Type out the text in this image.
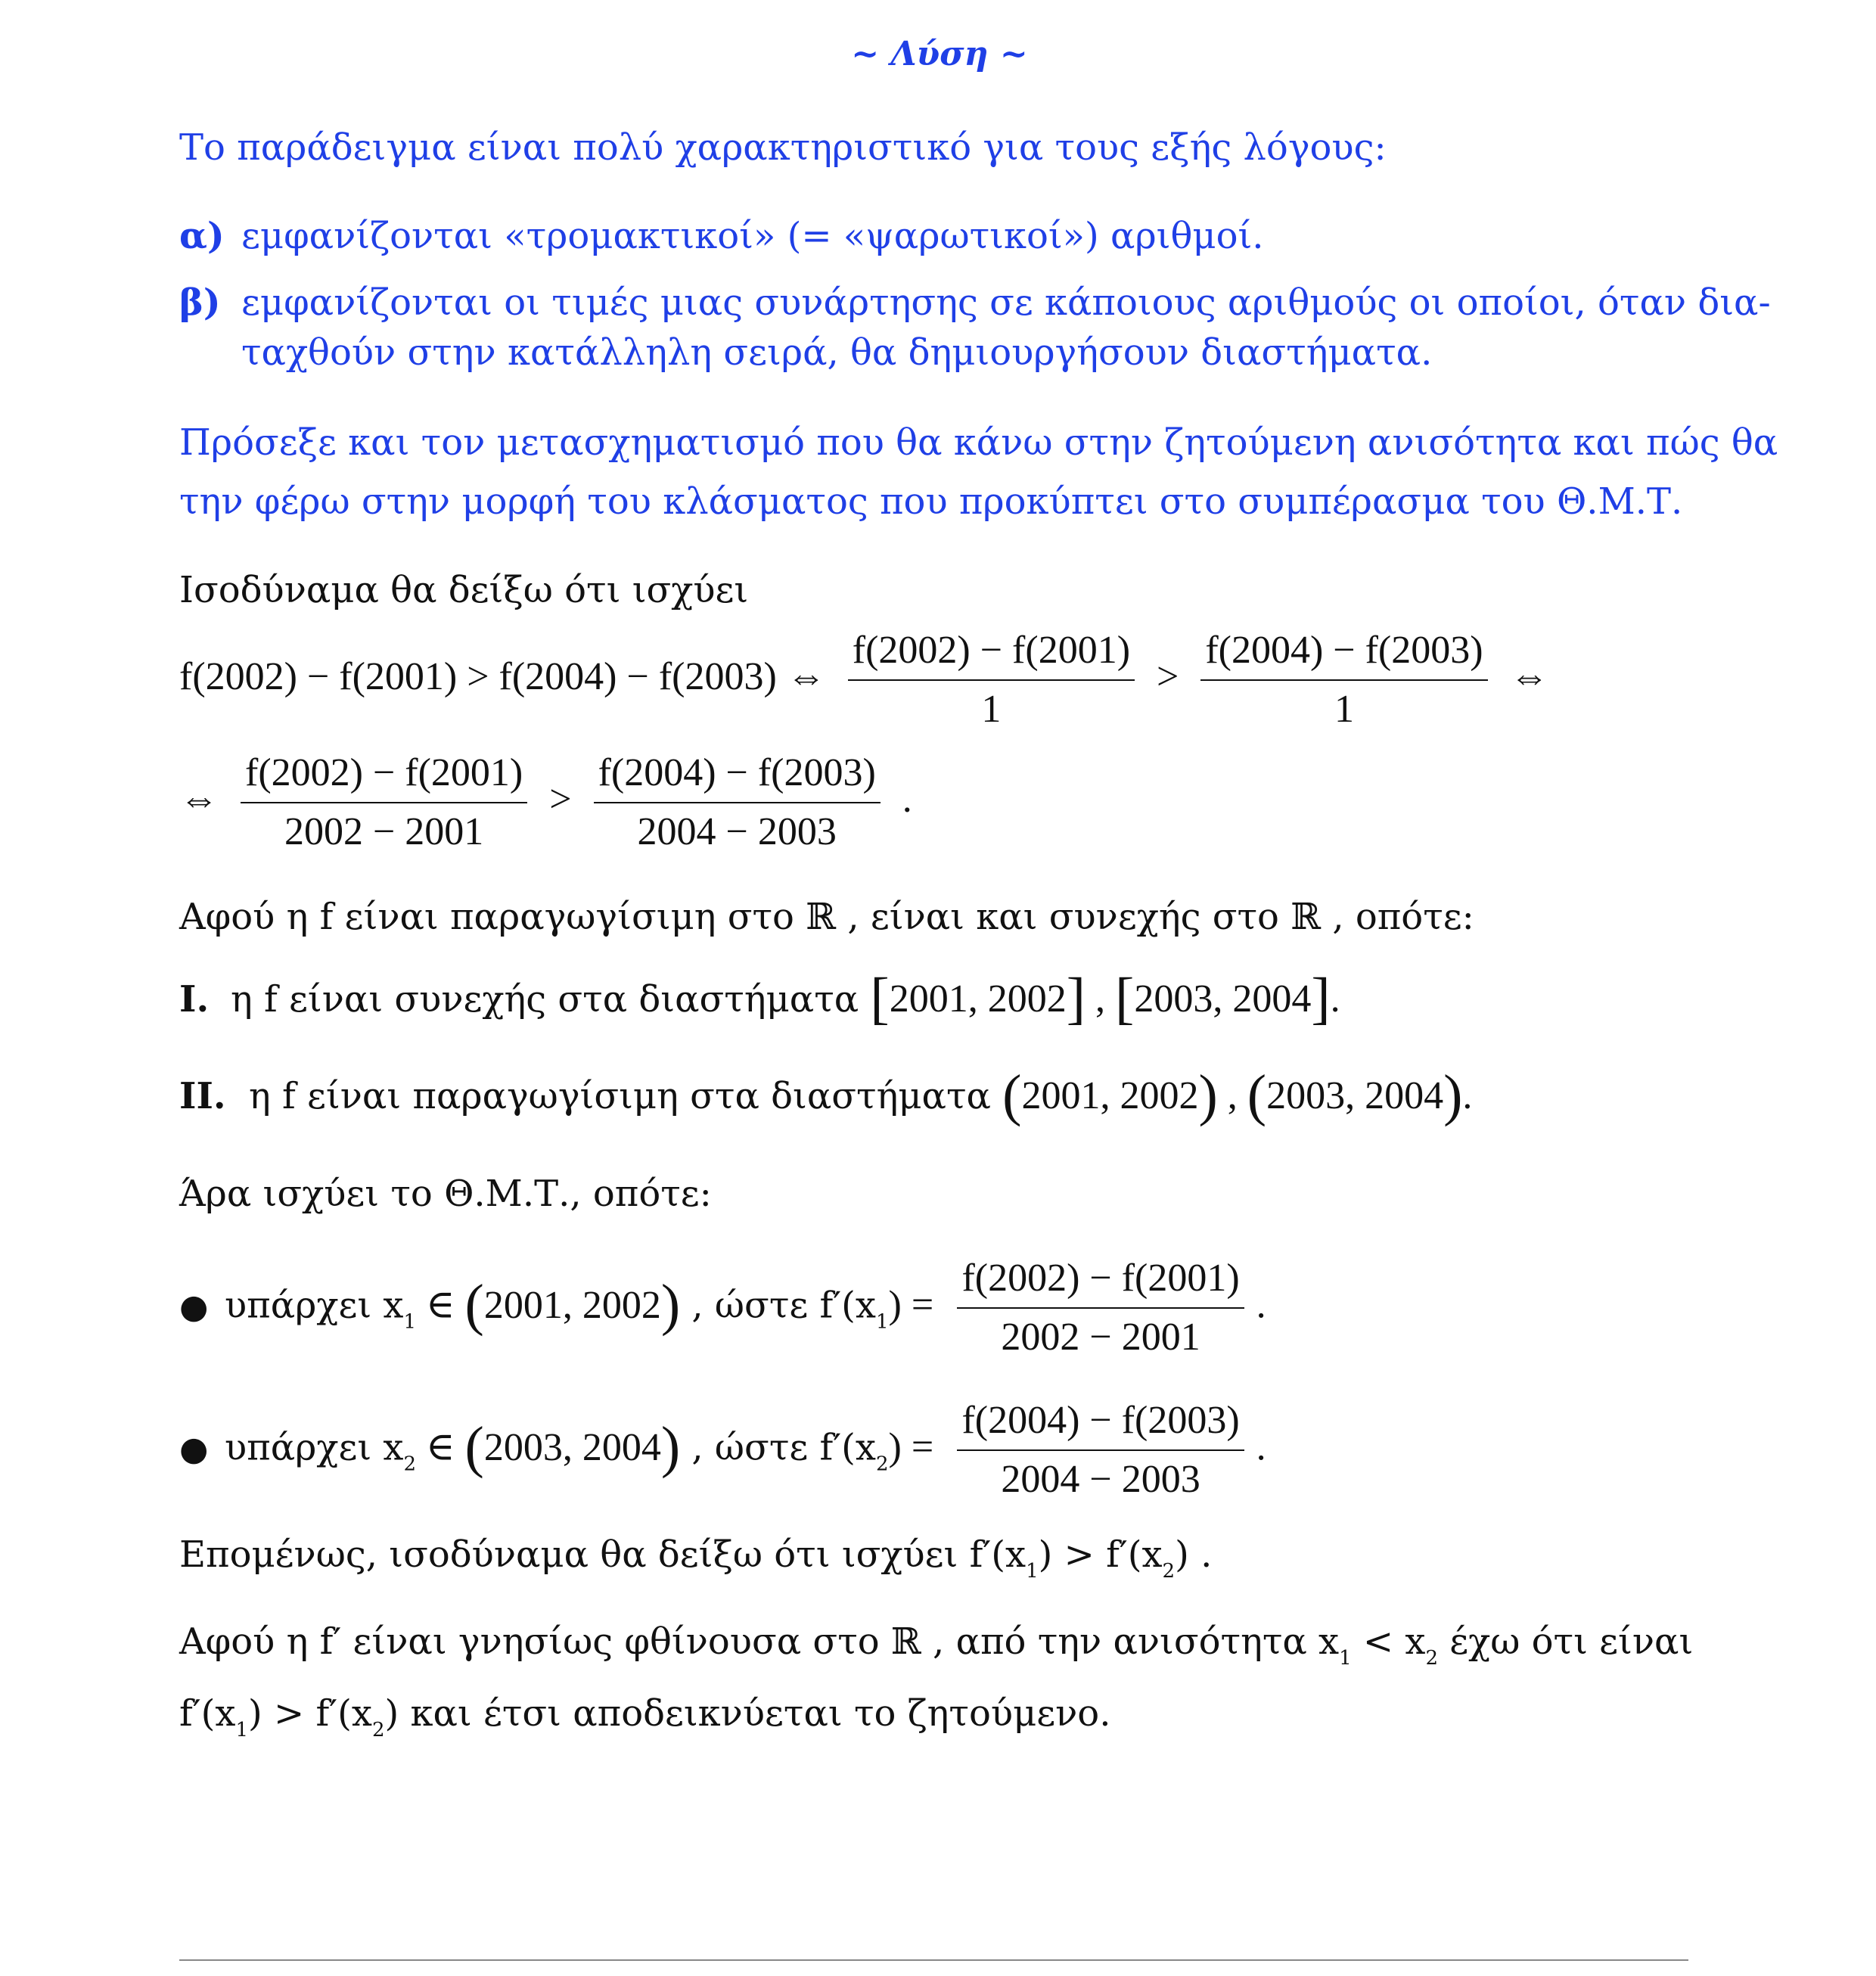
~ Λύση ~
Το παράδειγμα είναι πολύ χαρακτηριστικό για τους εξής λόγους:
α) εμφανίζονται «τρομακτικοί» (= «ψαρωτικοί») αριθμοί.
β) εμφανίζονται οι τιμές μιας συνάρτησης σε κάποιους αριθμούς οι οποίοι, όταν δια-
ταχθούν στην κατάλληλη σειρά, θα δημιουργήσουν διαστήματα.
Πρόσεξε και τον μετασχηματισμό που θα κάνω στην ζητούμενη ανισότητα και πώς θα
την φέρω στην μορφή του κλάσματος που προκύπτει στο συμπέρασμα του Θ.Μ.Τ.
Ισοδύναμα θα δείξω ότι ισχύει
f(2002) − f(2001) > f(2004) − f(2003) ⇔ $\frac{f(2002) - f(2001)}{1} > \frac{f(2004) - f(2003)}{1}$ ⇔
⇔ $\frac{f(2002) - f(2001)}{2002 - 2001} > \frac{f(2004) - f(2003)}{2004 - 2003}$ .
Αφού η f είναι παραγωγίσιμη στο ℝ , είναι και συνεχής στο ℝ , οπότε:
I. η f είναι συνεχής στα διαστήματα [2001, 2002] , [2003, 2004].
II. η f είναι παραγωγίσιμη στα διαστήματα (2001, 2002) , (2003, 2004).
Άρα ισχύει το Θ.Μ.Τ., οπότε:
● υπάρχει $x_1$ ∈ (2001, 2002) , ώστε $f'(x_1) = \frac{f(2002) - f(2001)}{2002 - 2001}$ .
● υπάρχει $x_2$ ∈ (2003, 2004) , ώστε $f'(x_2) = \frac{f(2004) - f(2003)}{2004 - 2003}$ .
Επομένως, ισοδύναμα θα δείξω ότι ισχύει $f'(x_1) > f'(x_2)$ .
Αφού η f′ είναι γνησίως φθίνουσα στο ℝ , από την ανισότητα $x_1 < x_2$ έχω ότι είναι
$f'(x_1) > f'(x_2)$ και έτσι αποδεικνύεται το ζητούμενο.
